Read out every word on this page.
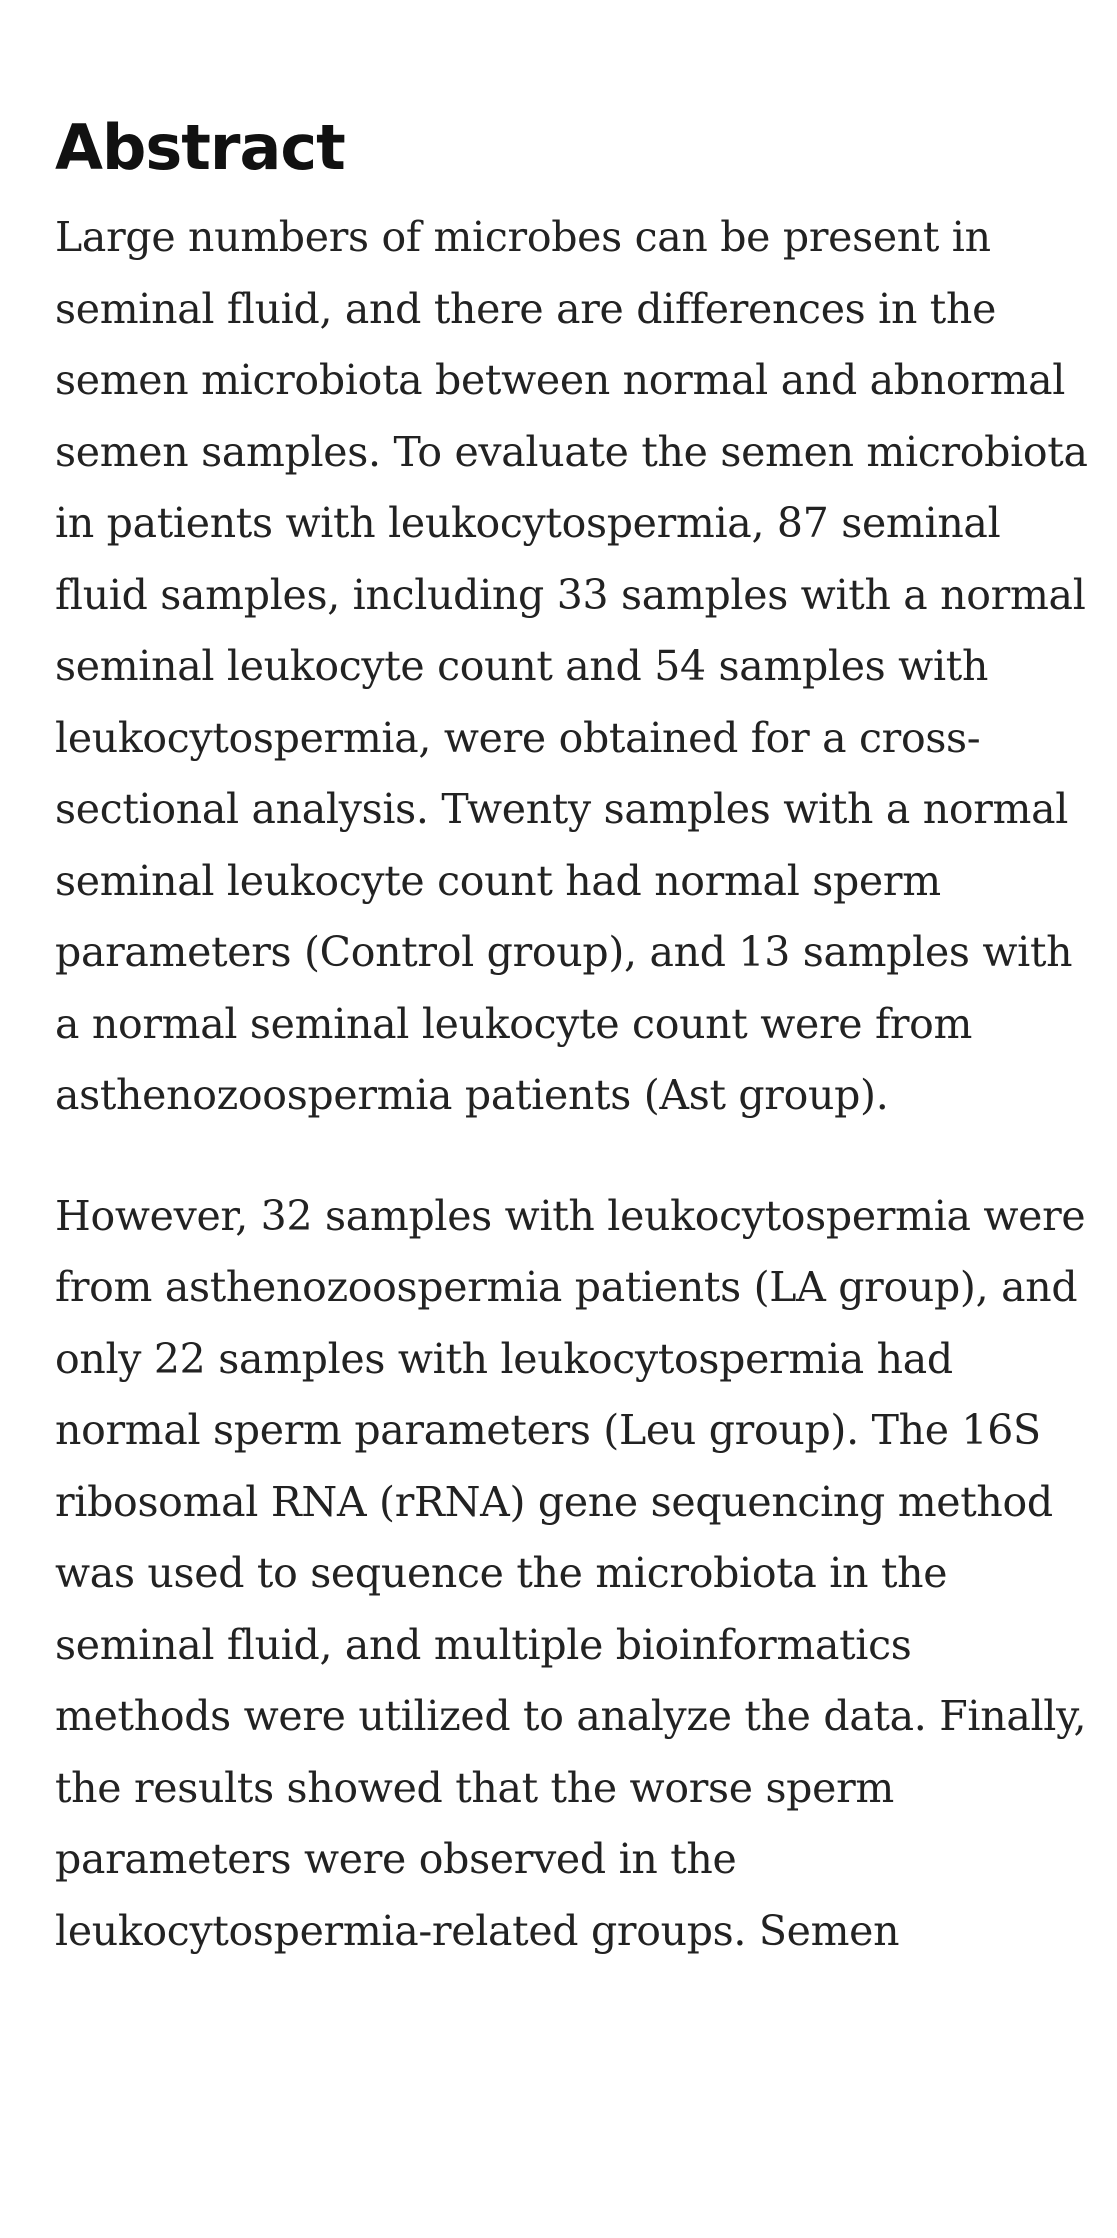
Abstract

Large numbers of microbes can be present in seminal fluid, and there are differences in the semen microbiota between normal and abnormal semen samples. To evaluate the semen microbiota in patients with leukocytospermia, 87 seminal fluid samples, including 33 samples with a normal seminal leukocyte count and 54 samples with leukocytospermia, were obtained for a cross-sectional analysis. Twenty samples with a normal seminal leukocyte count had normal sperm parameters (Control group), and 13 samples with a normal seminal leukocyte count were from asthenozoospermia patients (Ast group).

However, 32 samples with leukocytospermia were from asthenozoospermia patients (LA group), and only 22 samples with leukocytospermia had normal sperm parameters (Leu group). The 16S ribosomal RNA (rRNA) gene sequencing method was used to sequence the microbiota in the seminal fluid, and multiple bioinformatics methods were utilized to analyze the data. Finally, the results showed that the worse sperm parameters were observed in the leukocytospermia-related groups. Semen
